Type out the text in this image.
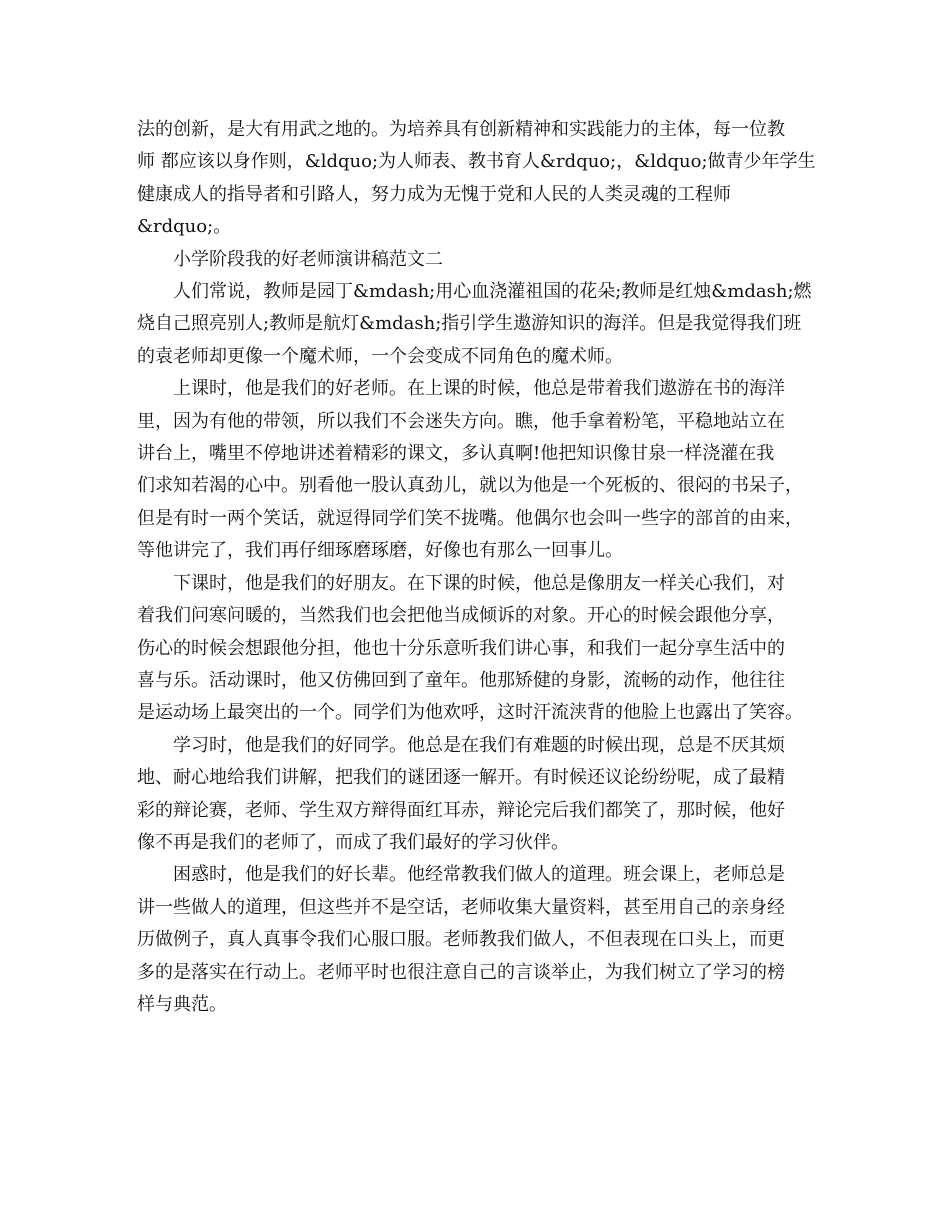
法的创新，是大有用武之地的。为培养具有创新精神和实践能力的主体，每一位教
师 都应该以身作则，&ldquo;为人师表、教书育人&rdquo;，&ldquo;做青少年学生
健康成人的指导者和引路人，努力成为无愧于党和人民的人类灵魂的工程师
&rdquo;。

小学阶段我的好老师演讲稿范文二

人们常说，教师是园丁&mdash;用心血浇灌祖国的花朵;教师是红烛&mdash;燃
烧自己照亮别人;教师是航灯&mdash;指引学生遨游知识的海洋。但是我觉得我们班
的袁老师却更像一个魔术师，一个会变成不同角色的魔术师。

上课时，他是我们的好老师。在上课的时候，他总是带着我们遨游在书的海洋
里，因为有他的带领，所以我们不会迷失方向。瞧，他手拿着粉笔，平稳地站立在
讲台上，嘴里不停地讲述着精彩的课文，多认真啊!他把知识像甘泉一样浇灌在我
们求知若渴的心中。别看他一股认真劲儿，就以为他是一个死板的、很闷的书呆子，
但是有时一两个笑话，就逗得同学们笑不拢嘴。他偶尔也会叫一些字的部首的由来，
等他讲完了，我们再仔细琢磨琢磨，好像也有那么一回事儿。

下课时，他是我们的好朋友。在下课的时候，他总是像朋友一样关心我们，对
着我们问寒问暖的，当然我们也会把他当成倾诉的对象。开心的时候会跟他分享，
伤心的时候会想跟他分担，他也十分乐意听我们讲心事，和我们一起分享生活中的
喜与乐。活动课时，他又仿佛回到了童年。他那矫健的身影，流畅的动作，他往往
是运动场上最突出的一个。同学们为他欢呼，这时汗流浃背的他脸上也露出了笑容。

学习时，他是我们的好同学。他总是在我们有难题的时候出现，总是不厌其烦
地、耐心地给我们讲解，把我们的谜团逐一解开。有时候还议论纷纷呢，成了最精
彩的辩论赛，老师、学生双方辩得面红耳赤，辩论完后我们都笑了，那时候，他好
像不再是我们的老师了，而成了我们最好的学习伙伴。

困惑时，他是我们的好长辈。他经常教我们做人的道理。班会课上，老师总是
讲一些做人的道理，但这些并不是空话，老师收集大量资料，甚至用自己的亲身经
历做例子，真人真事令我们心服口服。老师教我们做人，不但表现在口头上，而更
多的是落实在行动上。老师平时也很注意自己的言谈举止，为我们树立了学习的榜
样与典范。
